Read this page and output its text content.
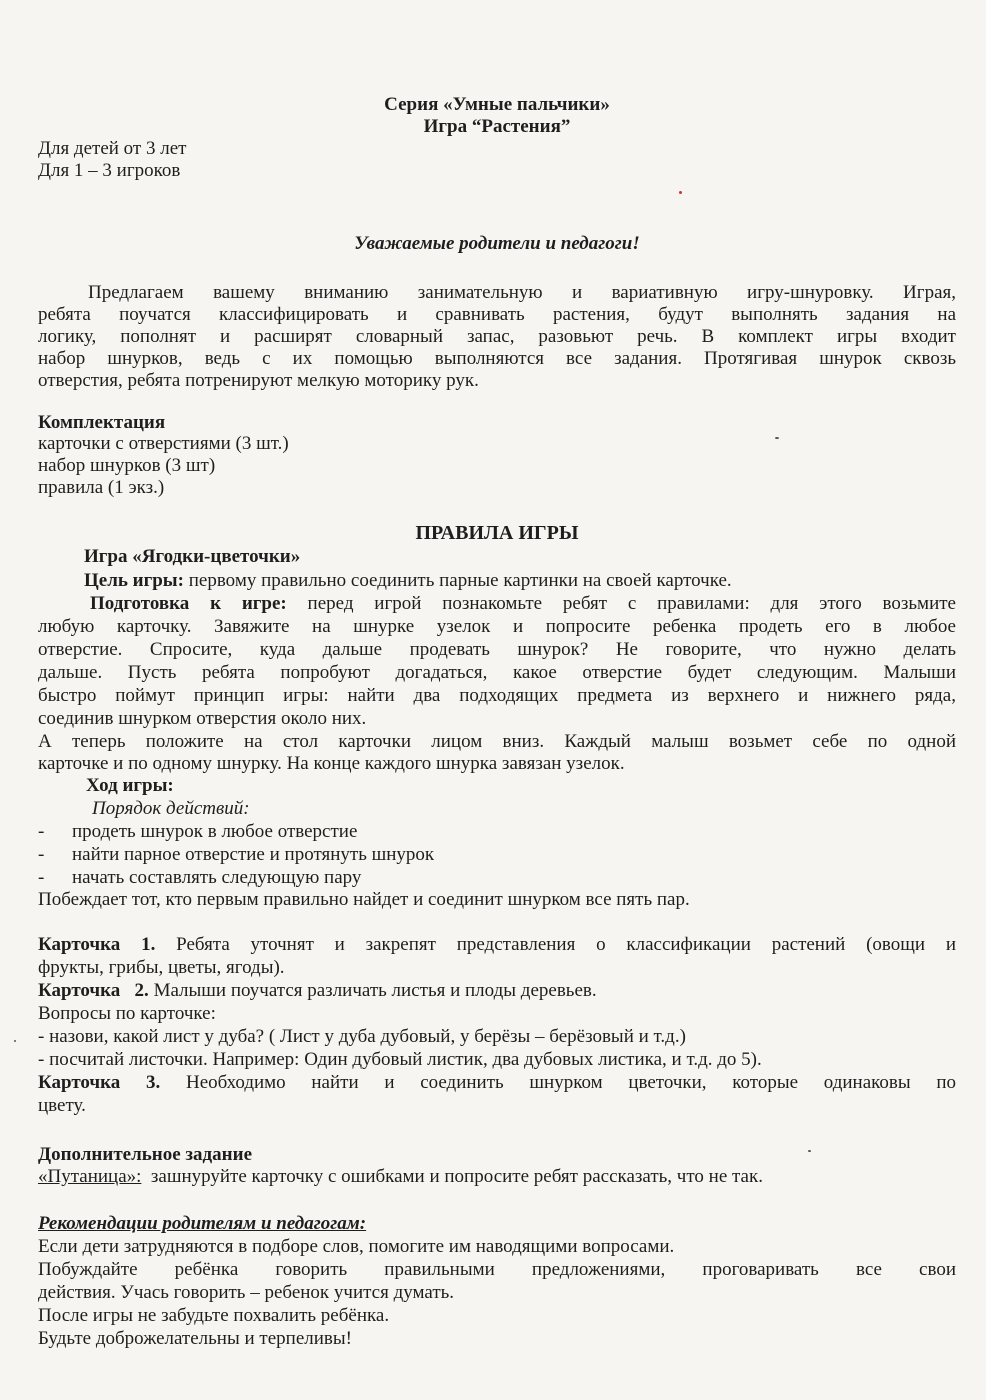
Серия «Умные пальчики»

Игра “Растения”

Для детей от 3 лет

Для 1 – 3 игроков

Уважаемые родители и педагоги!

Предлагаем вашему вниманию занимательную и вариативную игру-шнуровку. Играя,

ребята поучатся классифицировать и сравнивать растения, будут выполнять задания на

логику, пополнят и расширят словарный запас, разовьют речь. В комплект игры входит

набор шнурков, ведь с их помощью выполняются все задания. Протягивая шнурок сквозь

отверстия, ребята потренируют мелкую моторику рук.

Комплектация

карточки с отверстиями (3 шт.)

набор шнурков (3 шт)

правила (1 экз.)

ПРАВИЛА ИГРЫ

Игра «Ягодки-цветочки»

Цель игры: первому правильно соединить парные картинки на своей карточке.

Подготовка к игре: перед игрой познакомьте ребят с правилами: для этого возьмите

любую карточку. Завяжите на шнурке узелок и попросите ребенка продеть его в любое

отверстие. Спросите, куда дальше продевать шнурок? Не говорите, что нужно делать

дальше. Пусть ребята попробуют догадаться, какое отверстие будет следующим. Малыши

быстро поймут принцип игры: найти два подходящих предмета из верхнего и нижнего ряда,

соединив шнурком отверстия около них.

А теперь положите на стол карточки лицом вниз. Каждый малыш возьмет себе по одной

карточке и по одному шнурку. На конце каждого шнурка завязан узелок.

Ход игры:

Порядок действий:

- продеть шнурок в любое отверстие

- найти парное отверстие и протянуть шнурок

- начать составлять следующую пару

Побеждает тот, кто первым правильно найдет и соединит шнурком все пять пар.

Карточка 1. Ребята уточнят и закрепят представления о классификации растений (овощи и

фрукты, грибы, цветы, ягоды).

Карточка   2. Малыши поучатся различать листья и плоды деревьев.

Вопросы по карточке:

- назови, какой лист у дуба? ( Лист у дуба дубовый, у берёзы – берёзовый и т.д.)

- посчитай листочки. Например: Один дубовый листик, два дубовых листика, и т.д. до 5).

Карточка 3. Необходимо найти и соединить шнурком цветочки, которые одинаковы по

цвету.

Дополнительное задание

«Путаница»:  зашнуруйте карточку с ошибками и попросите ребят рассказать, что не так.

Рекомендации родителям и педагогам:

Если дети затрудняются в подборе слов, помогите им наводящими вопросами.

Побуждайте ребёнка говорить правильными предложениями, проговаривать все свои

действия. Учась говорить – ребенок учится думать.

После игры не забудьте похвалить ребёнка.

Будьте доброжелательны и терпеливы!
